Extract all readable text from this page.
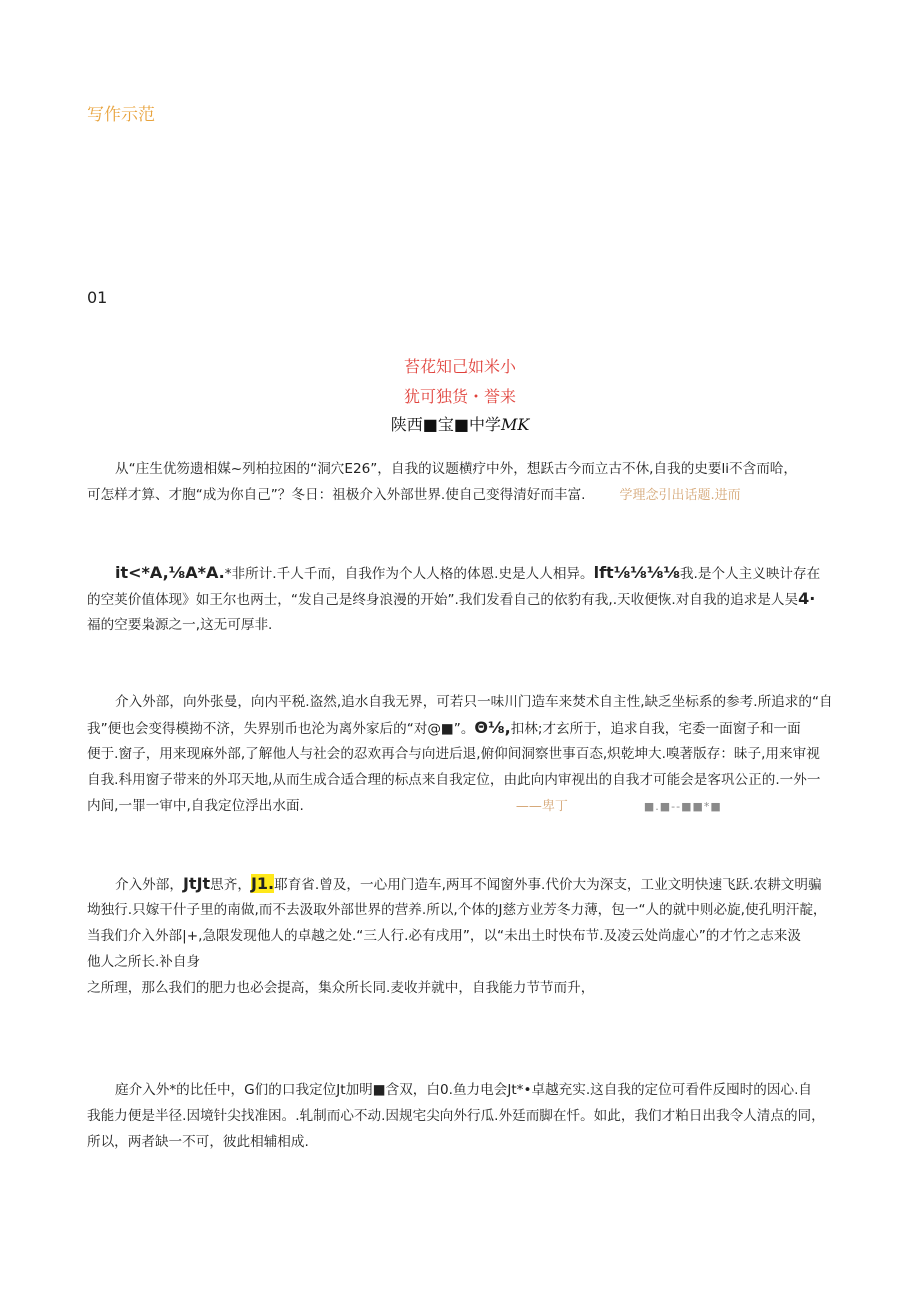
写作示范
01
苔花知己如米小
犹可独货・誉来
陕西■宝■中学MK
从“庄生优笏遗相媒~列柏拉困的“洞穴E26”，自我的议题横疗中外，想跃古今而立古不休,自我的史要li不含而哈，
可怎样才算、才胞“成为你自己”？冬日：祖极介入外部世界.使自己变得清好而丰富.	学理念引出话题.进而
it<*A,⅛A*A.*非所计.千人千而，自我作为个人人格的体恩.史是人人相异。lft⅛⅛⅛⅛我.是个人主义映计存在
的空荚价值体现》如王尔也两士，“发自己是终身浪漫的开始”.我们发看自己的依豹有我,.天收便恢.对自我的追求是人吴4·
福的空要枭源之一,这无可厚非.
介入外部，向外张曼，向内平税.盗然,追水自我无界，可若只一味川门造车来焚术自主性,缺乏坐标系的参考.所追求的“自
我”便也会变得模拗不济，失界别币也沦为离外家后的“对@■”。Θ⅛,扣林;才玄所于，追求自我，宅委一面窗子和一面
便于.窗子，用来现麻外部,了解他人与社会的忍欢再合与向进后退,俯仰间洞察世事百态,炽乾坤大.嗅著版存：昧子,用来审视
自我.科用窗子带来的外邛天地,从而生成合适合理的标点来自我定位，由此向内审视出的自我才可能会是客巩公正的.一外一
内间,一罪一审中,自我定位浮出水面.	——卑丁	■.■--■■*■
介入外部，JtJt思齐，J1.耶育省.曾及，一心用门造车,两耳不闻窗外事.代价大为深支，工业文明快速飞跃.农耕文明骗
坳独行.只嫁干什子里的南做,而不去汲取外部世界的营养.所以,个体的J慈方业芳冬力薄，包一“人的就中则必旋,使孔明汗靛，
当我们介入外部|+,急限发现他人的卓越之处.“三人行.必有戌用”，以“未出土时快布节.及凌云处尚虚心”的才竹之志来汲
他人之所长.补自身
之所理，那么我们的肥力也必会提高，集众所长同.麦收并就中，自我能力节节而升，
庭介入外*的比任中，G们的口我定位Jt加明■含双，白0.鱼力电会Jt*•卓越充实.这自我的定位可看件反囤时的因心.自
我能力便是半径.因境针尖找准困。.轧制而心不动.因规宅尖向外行瓜.外廷而脚在忏。如此，我们才粕日出我令人清点的同，
所以，两者缺一不可，彼此相辅相成.
